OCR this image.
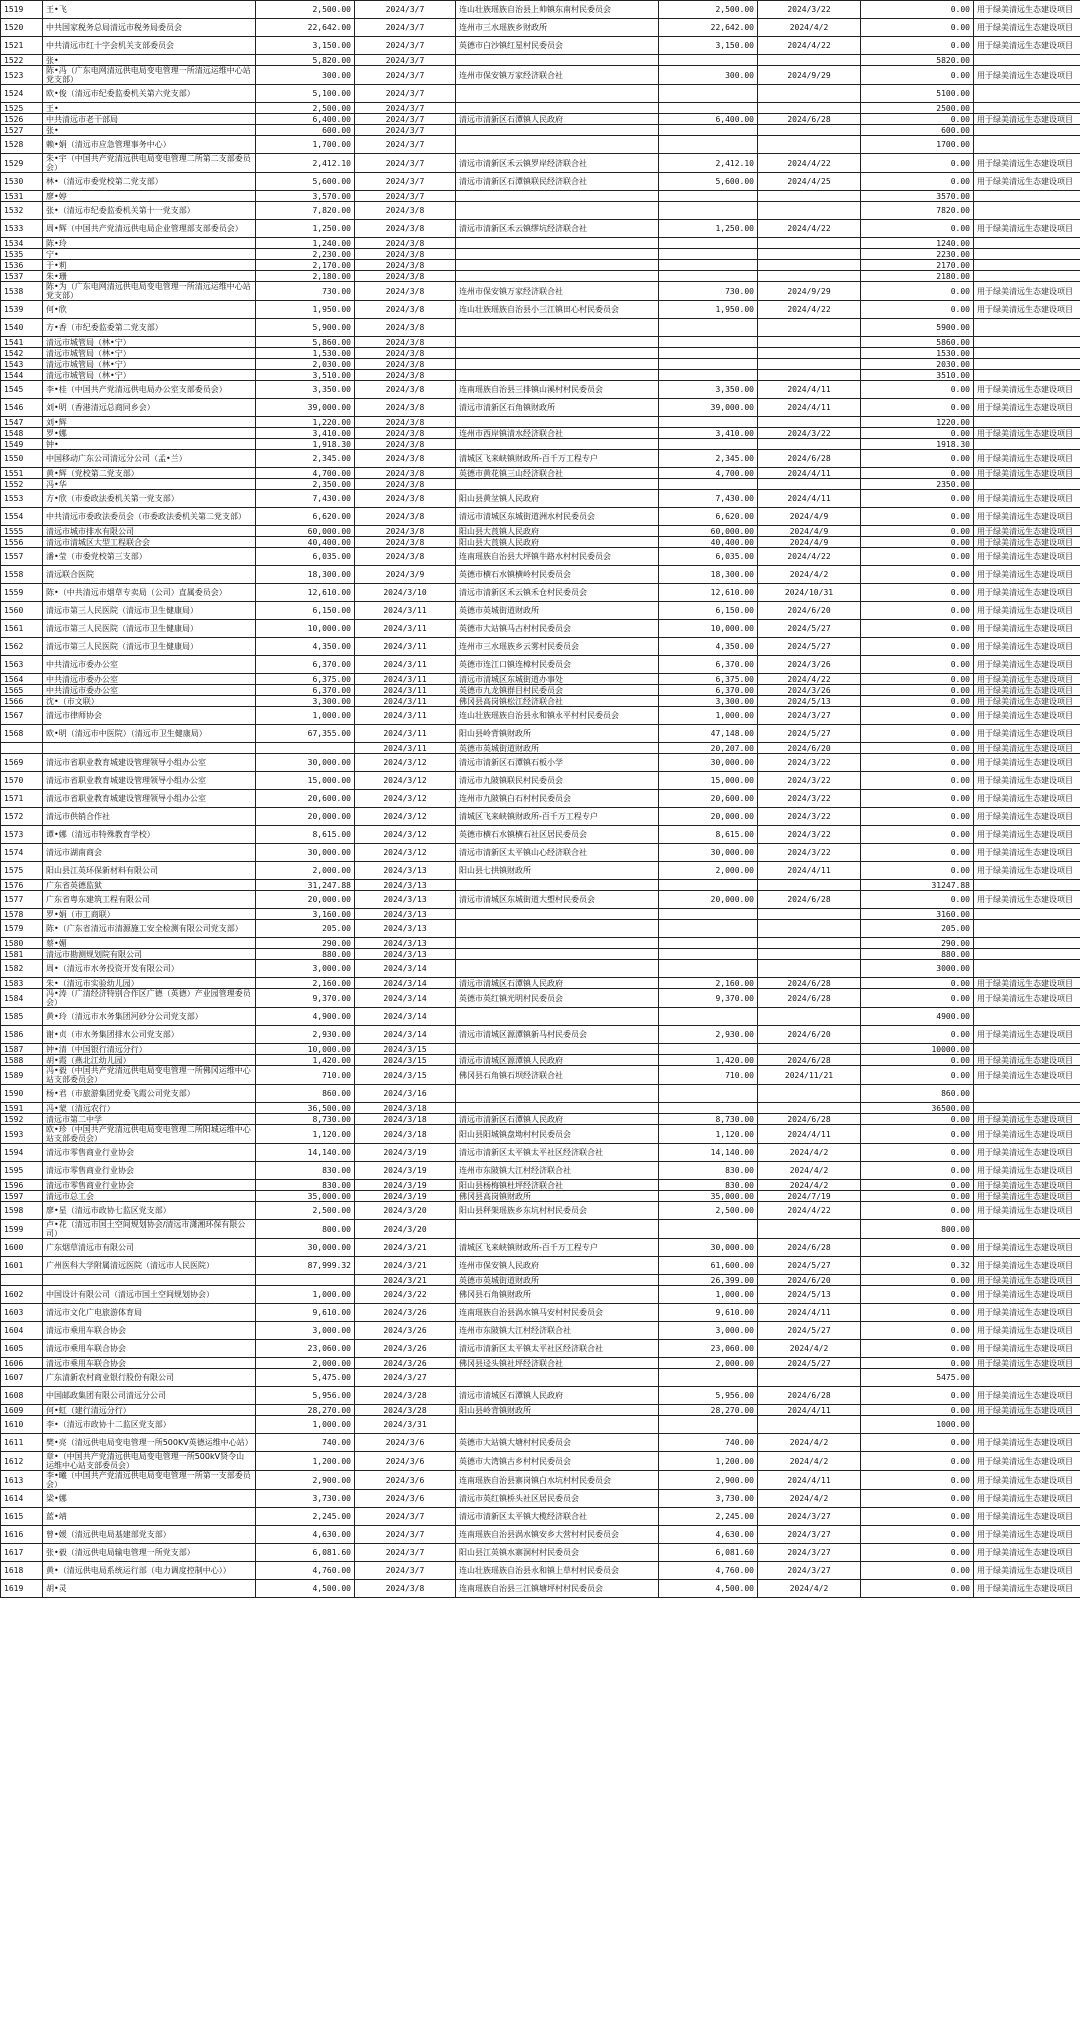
1519	王•飞	2,500.00	2024/3/7	连山壮族瑶族自治县上帅镇东南村民委员会	2,500.00	2024/3/22	0.00	用于绿美清远生态建设项目
1520	中共国家税务总局清远市税务局委员会	22,642.00	2024/3/7	连州市三水瑶族乡财政所	22,642.00	2024/4/2	0.00	用于绿美清远生态建设项目
1521	中共清远市红十字会机关支部委员会	3,150.00	2024/3/7	英德市白沙镇红星村民委员会	3,150.00	2024/4/22	0.00	用于绿美清远生态建设项目
1522	张•	5,820.00	2024/3/7				5820.00	
1523	陈•冯（广东电网清远供电局变电管理一所清远运维中心站党支部）	300.00	2024/3/7	连州市保安镇万家经济联合社	300.00	2024/9/29	0.00	用于绿美清远生态建设项目
1524	欧•俊（清远市纪委监委机关第六党支部）	5,100.00	2024/3/7				5100.00	
1525	王•	2,500.00	2024/3/7				2500.00	
1526	中共清远市老干部局	6,400.00	2024/3/7	清远市清新区石潭镇人民政府	6,400.00	2024/6/28	0.00	用于绿美清远生态建设项目
1527	张•	600.00	2024/3/7				600.00	
1528	赖•娟（清远市应急管理事务中心）	1,700.00	2024/3/7				1700.00	
1529	朱•宇（中国共产党清远供电局变电管理二所第二支部委员会）	2,412.10	2024/3/7	清远市清新区禾云镇罗岸经济联合社	2,412.10	2024/4/22	0.00	用于绿美清远生态建设项目
1530	林•（清远市委党校第二党支部）	5,600.00	2024/3/7	清远市清新区石潭镇联民经济联合社	5,600.00	2024/4/25	0.00	用于绿美清远生态建设项目
1531	廖•婷	3,570.00	2024/3/7				3570.00	
1532	张•（清远市纪委监委机关第十一党支部）	7,820.00	2024/3/8				7820.00	
1533	周•辉（中国共产党清远供电局企业管理部支部委员会）	1,250.00	2024/3/8	清远市清新区禾云镇缪坑经济联合社	1,250.00	2024/4/22	0.00	用于绿美清远生态建设项目
1534	陈•玲	1,240.00	2024/3/8				1240.00	
1535	宁•	2,230.00	2024/3/8				2230.00	
1536	于•莉	2,170.00	2024/3/8				2170.00	
1537	朱•珊	2,180.00	2024/3/8				2180.00	
1538	陈•为（广东电网清远供电局变电管理一所清远运维中心站党支部）	730.00	2024/3/8	连州市保安镇万家经济联合社	730.00	2024/9/29	0.00	用于绿美清远生态建设项目
1539	何•欣	1,950.00	2024/3/8	连山壮族瑶族自治县小三江镇田心村民委员会	1,950.00	2024/4/22	0.00	用于绿美清远生态建设项目
1540	方•香（市纪委监委第二党支部）	5,900.00	2024/3/8				5900.00	
1541	清远市城管局（林•宁）	5,860.00	2024/3/8				5860.00	
1542	清远市城管局（林•宁）	1,530.00	2024/3/8				1530.00	
1543	清远市城管局（林•宁）	2,030.00	2024/3/8				2030.00	
1544	清远市城管局（林•宁）	3,510.00	2024/3/8				3510.00	
1545	李•桂（中国共产党清远供电局办公室支部委员会）	3,350.00	2024/3/8	连南瑶族自治县三排镇山溪村村民委员会	3,350.00	2024/4/11	0.00	用于绿美清远生态建设项目
1546	刘•明（香港清远总商同乡会）	39,000.00	2024/3/8	清远市清新区石角镇财政所	39,000.00	2024/4/11	0.00	用于绿美清远生态建设项目
1547	刘•辉	1,220.00	2024/3/8				1220.00	
1548	罗•娜	3,410.00	2024/3/8	连州市西岸镇清水经济联合社	3,410.00	2024/3/22	0.00	用于绿美清远生态建设项目
1549	钟•	1,918.30	2024/3/8				1918.30	
1550	中国移动广东公司清远分公司（孟•兰）	2,345.00	2024/3/8	清城区飞来峡镇财政所-百千万工程专户	2,345.00	2024/6/28	0.00	用于绿美清远生态建设项目
1551	黄•辉（党校第二党支部）	4,700.00	2024/3/8	英德市黄花镇三山经济联合社	4,700.00	2024/4/11	0.00	用于绿美清远生态建设项目
1552	冯•华	2,350.00	2024/3/8				2350.00	
1553	方•欣（市委政法委机关第一党支部）	7,430.00	2024/3/8	阳山县黄坌镇人民政府	7,430.00	2024/4/11	0.00	用于绿美清远生态建设项目
1554	中共清远市委政法委员会（市委政法委机关第二党支部）	6,620.00	2024/3/8	清远市清城区东城街道洲水村民委员会	6,620.00	2024/4/9	0.00	用于绿美清远生态建设项目
1555	清远市城市排水有限公司	60,000.00	2024/3/8	阳山县大莨镇人民政府	60,000.00	2024/4/9	0.00	用于绿美清远生态建设项目
1556	清远市清城区大型工程联合会	40,400.00	2024/3/8	阳山县大莨镇人民政府	40,400.00	2024/4/9	0.00	用于绿美清远生态建设项目
1557	潘•莹（市委党校第三支部）	6,035.00	2024/3/8	连南瑶族自治县大坪镇牛路水村村民委员会	6,035.00	2024/4/22	0.00	用于绿美清远生态建设项目
1558	清远联合医院	18,300.00	2024/3/9	英德市横石水镇横岭村民委员会	18,300.00	2024/4/2	0.00	用于绿美清远生态建设项目
1559	陈•（中共清远市烟草专卖局（公司）直属委员会）	12,610.00	2024/3/10	清远市清新区禾云镇禾仓村民委员会	12,610.00	2024/10/31	0.00	用于绿美清远生态建设项目
1560	清远市第三人民医院（清远市卫生健康局）	6,150.00	2024/3/11	英德市英城街道财政所	6,150.00	2024/6/20	0.00	用于绿美清远生态建设项目
1561	清远市第三人民医院（清远市卫生健康局）	10,000.00	2024/3/11	英德市大站镇马古村村民委员会	10,000.00	2024/5/27	0.00	用于绿美清远生态建设项目
1562	清远市第三人民医院（清远市卫生健康局）	4,350.00	2024/3/11	连州市三水瑶族乡云雾村民委员会	4,350.00	2024/5/27	0.00	用于绿美清远生态建设项目
1563	中共清远市委办公室	6,370.00	2024/3/11	英德市连江口镇连樟村民委员会	6,370.00	2024/3/26	0.00	用于绿美清远生态建设项目
1564	中共清远市委办公室	6,375.00	2024/3/11	清远市清城区东城街道办事处	6,375.00	2024/4/22	0.00	用于绿美清远生态建设项目
1565	中共清远市委办公室	6,370.00	2024/3/11	英德市九龙镇群目村民委员会	6,370.00	2024/3/26	0.00	用于绿美清远生态建设项目
1566	沈•（市文联）	3,300.00	2024/3/11	佛冈县高岗镇松江经济联合社	3,300.00	2024/5/13	0.00	用于绿美清远生态建设项目
1567	清远市律师协会	1,000.00	2024/3/11	连山壮族瑶族自治县永和镇永平村村民委员会	1,000.00	2024/3/27	0.00	用于绿美清远生态建设项目
1568	欧•明（清远市中医院）（清远市卫生健康局）	67,355.00	2024/3/11	阳山县岭背镇财政所	47,148.00	2024/5/27	0.00	用于绿美清远生态建设项目
			2024/3/11	英德市英城街道财政所	20,207.00	2024/6/20	0.00	用于绿美清远生态建设项目
1569	清远市省职业教育城建设管理领导小组办公室	30,000.00	2024/3/12	清远市清新区石潭镇石板小学	30,000.00	2024/3/22	0.00	用于绿美清远生态建设项目
1570	清远市省职业教育城建设管理领导小组办公室	15,000.00	2024/3/12	清远市九陂镇联民村民委员会	15,000.00	2024/3/22	0.00	用于绿美清远生态建设项目
1571	清远市省职业教育城建设管理领导小组办公室	20,600.00	2024/3/12	连州市九陂镇白石村村民委员会	20,600.00	2024/3/22	0.00	用于绿美清远生态建设项目
1572	清远市供销合作社	20,000.00	2024/3/12	清城区飞来峡镇财政所-百千万工程专户	20,000.00	2024/3/22	0.00	用于绿美清远生态建设项目
1573	谭•娜（清远市特殊教育学校）	8,615.00	2024/3/12	英德市横石水镇横石社区居民委员会	8,615.00	2024/3/22	0.00	用于绿美清远生态建设项目
1574	清远市湖南商会	30,000.00	2024/3/12	清远市清新区太平镇山心经济联合社	30,000.00	2024/3/22	0.00	用于绿美清远生态建设项目
1575	阳山县江英环保新材料有限公司	2,000.00	2024/3/13	阳山县七拱镇财政所	2,000.00	2024/4/11	0.00	用于绿美清远生态建设项目
1576	广东省英德监狱	31,247.88	2024/3/13				31247.88	
1577	广东省粤东建筑工程有限公司	20,000.00	2024/3/13	清远市清城区东城街道大塱村民委员会	20,000.00	2024/6/28	0.00	用于绿美清远生态建设项目
1578	罗•娟（市工商联）	3,160.00	2024/3/13				3160.00	
1579	陈•（广东省清远市清源施工安全检测有限公司党支部）	205.00	2024/3/13				205.00	
1580	蔡•媚	290.00	2024/3/13				290.00	
1581	清远市勘测规划院有限公司	880.00	2024/3/13				880.00	
1582	周•（清远市水务投资开发有限公司）	3,000.00	2024/3/14				3000.00	
1583	朱•（清远市实验幼儿园）	2,160.00	2024/3/14	清远市清城区石潭镇人民政府	2,160.00	2024/6/28	0.00	用于绿美清远生态建设项目
1584	冯•涛（广清经济特别合作区广德（英德）产业园管理委员会）	9,370.00	2024/3/14	英德市英红镇光明村民委员会	9,370.00	2024/6/28	0.00	用于绿美清远生态建设项目
1585	黄•玲（清远市水务集团河砂分公司党支部）	4,900.00	2024/3/14				4900.00	
1586	谢•贞（市水务集团排水公司党支部）	2,930.00	2024/3/14	清远市清城区源潭镇新马村民委员会	2,930.00	2024/6/20	0.00	用于绿美清远生态建设项目
1587	钟•清（中国银行清远分行）	10,000.00	2024/3/15				10000.00	
1588	胡•霞（燕北江幼儿园）	1,420.00	2024/3/15	清远市清城区源潭镇人民政府	1,420.00	2024/6/28	0.00	用于绿美清远生态建设项目
1589	冯•毅（中国共产党清远供电局变电管理一所佛冈运维中心站支部委员会）	710.00	2024/3/15	佛冈县石角镇石坝经济联合社	710.00	2024/11/21	0.00	用于绿美清远生态建设项目
1590	杨•君（市旅游集团党委飞霞公司党支部）	860.00	2024/3/16				860.00	
1591	冯•蒙（清远农行）	36,500.00	2024/3/18				36500.00	
1592	清远市第二中学	8,730.00	2024/3/18	清远市清新区石潭镇人民政府	8,730.00	2024/6/28	0.00	用于绿美清远生态建设项目
1593	欧•珍（中国共产党清远供电局变电管理二所阳城运维中心站支部委员会）	1,120.00	2024/3/18	阳山县阳城镇盘坳村村民委员会	1,120.00	2024/4/11	0.00	用于绿美清远生态建设项目
1594	清远市零售商业行业协会	14,140.00	2024/3/19	清远市清新区太平镇太平社区经济联合社	14,140.00	2024/4/2	0.00	用于绿美清远生态建设项目
1595	清远市零售商业行业协会	830.00	2024/3/19	连州市东陂镇大江村经济联合社	830.00	2024/4/2	0.00	用于绿美清远生态建设项目
1596	清远市零售商业行业协会	830.00	2024/3/19	阳山县杨梅镇杜坪经济联合社	830.00	2024/4/2	0.00	用于绿美清远生态建设项目
1597	清远市总工会	35,000.00	2024/3/19	佛冈县高岗镇财政所	35,000.00	2024/7/19	0.00	用于绿美清远生态建设项目
1598	廖•星（清远市政协七监区党支部）	2,500.00	2024/3/20	阳山县秤架瑶族乡东坑村村民委员会	2,500.00	2024/4/22	0.00	用于绿美清远生态建设项目
1599	卢•花（清远市国土空间规划协会/清远市潇湘环保有限公司）	800.00	2024/3/20				800.00	
1600	广东烟草清远市有限公司	30,000.00	2024/3/21	清城区飞来峡镇财政所-百千万工程专户	30,000.00	2024/6/28	0.00	用于绿美清远生态建设项目
1601	广州医科大学附属清远医院（清远市人民医院）	87,999.32	2024/3/21	连州市保安镇人民政府	61,600.00	2024/5/27	0.32	用于绿美清远生态建设项目
			2024/3/21	英德市英城街道财政所	26,399.00	2024/6/20	0.00	用于绿美清远生态建设项目
1602	中国设计有限公司（清远市国土空间规划协会）	1,000.00	2024/3/22	佛冈县石角镇财政所	1,000.00	2024/5/13	0.00	用于绿美清远生态建设项目
1603	清远市文化广电旅游体育局	9,610.00	2024/3/26	连南瑶族自治县涡水镇马安村村民委员会	9,610.00	2024/4/11	0.00	用于绿美清远生态建设项目
1604	清远市乘用车联合协会	3,000.00	2024/3/26	连州市东陂镇大江村经济联合社	3,000.00	2024/5/27	0.00	用于绿美清远生态建设项目
1605	清远市乘用车联合协会	23,060.00	2024/3/26	清远市清新区太平镇太平社区经济联合社	23,060.00	2024/4/2	0.00	用于绿美清远生态建设项目
1606	清远市乘用车联合协会	2,000.00	2024/3/26	佛冈县迳头镇社坪经济联合社	2,000.00	2024/5/27	0.00	用于绿美清远生态建设项目
1607	广东清新农村商业银行股份有限公司	5,475.00	2024/3/27				5475.00	
1608	中国邮政集团有限公司清远分公司	5,956.00	2024/3/28	清远市清城区石潭镇人民政府	5,956.00	2024/6/28	0.00	用于绿美清远生态建设项目
1609	何•虹（建行清远分行）	28,270.00	2024/3/28	阳山县岭背镇财政所	28,270.00	2024/4/11	0.00	用于绿美清远生态建设项目
1610	李•（清远市政协十二监区党支部）	1,000.00	2024/3/31				1000.00	
1611	樊•亮（清远供电局变电管理一所500KV英德运维中心站）	740.00	2024/3/6	英德市大站镇大塘村村民委员会	740.00	2024/4/2	0.00	用于绿美清远生态建设项目
1612	章•（中国共产党清远供电局变电管理一所500kV贤令山运维中心站支部委员会）	1,200.00	2024/3/6	英德市大湾镇古乡村村民委员会	1,200.00	2024/4/2	0.00	用于绿美清远生态建设项目
1613	李•曦（中国共产党清远供电局变电管理一所第一支部委员会）	2,900.00	2024/3/6	连南瑶族自治县寨岗镇白水坑村村民委员会	2,900.00	2024/4/11	0.00	用于绿美清远生态建设项目
1614	梁•娜	3,730.00	2024/3/6	清远市英红镇桥头社区居民委员会	3,730.00	2024/4/2	0.00	用于绿美清远生态建设项目
1615	蓝•靖	2,245.00	2024/3/7	清远市清新区太平镇大榄经济联合社	2,245.00	2024/3/27	0.00	用于绿美清远生态建设项目
1616	曾•媛（清远供电局基建部党支部）	4,630.00	2024/3/7	连南瑶族自治县涡水镇安乡大营村村民委员会	4,630.00	2024/3/27	0.00	用于绿美清远生态建设项目
1617	张•毅（清远供电局输电管理一所党支部）	6,081.60	2024/3/7	阳山县江英镇水寨洞村村民委员会	6,081.60	2024/3/27	0.00	用于绿美清远生态建设项目
1618	黄•（清远供电局系统运行部（电力调度控制中心））	4,760.00	2024/3/7	连山壮族瑶族自治县永和镇上草村村民委员会	4,760.00	2024/3/27	0.00	用于绿美清远生态建设项目
1619	胡•灵	4,500.00	2024/3/8	连南瑶族自治县三江镇塘坪村村民委员会	4,500.00	2024/4/2	0.00	用于绿美清远生态建设项目
